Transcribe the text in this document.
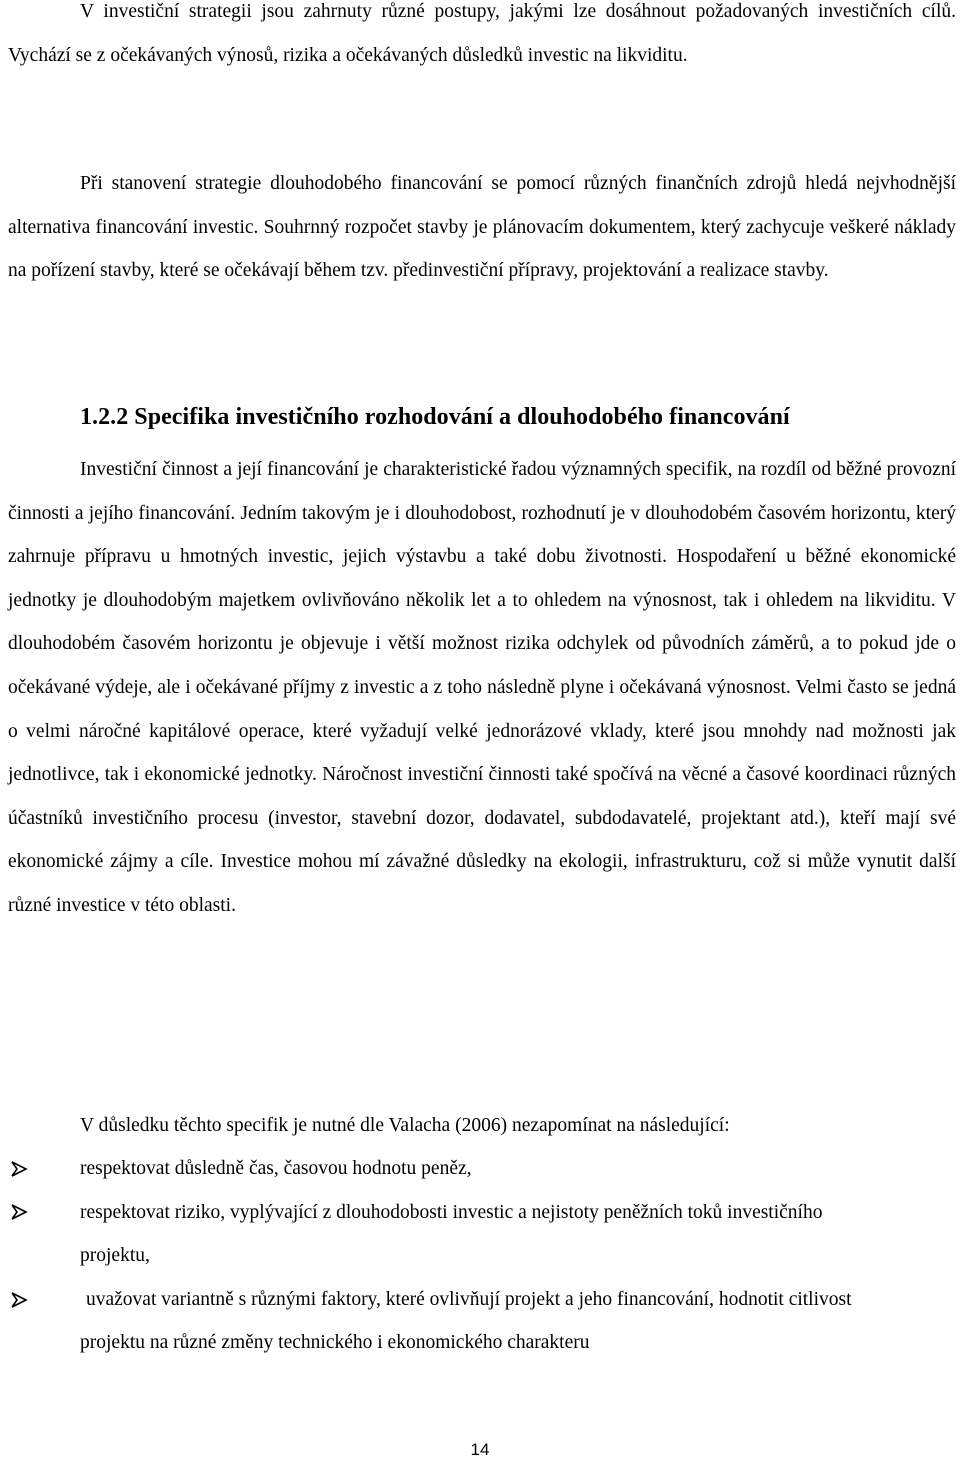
V investiční strategii jsou zahrnuty různé postupy, jakými lze dosáhnout požadovaných investičních cílů. Vychází se z očekávaných výnosů, rizika a očekávaných důsledků investic na likviditu.

Při stanovení strategie dlouhodobého financování se pomocí různých finančních zdrojů hledá nejvhodnější alternativa financování investic. Souhrnný rozpočet stavby je plánovacím dokumentem, který zachycuje veškeré náklady na pořízení stavby, které se očekávají během tzv. předinvestiční přípravy, projektování a realizace stavby.

1.2.2 Specifika investičního rozhodování a dlouhodobého financování

Investiční činnost a její financování je charakteristické řadou významných specifik, na rozdíl od běžné provozní činnosti a jejího financování. Jedním takovým je i dlouhodobost, rozhodnutí je v dlouhodobém časovém horizontu, který zahrnuje přípravu u hmotných investic, jejich výstavbu a také dobu životnosti. Hospodaření u běžné ekonomické jednotky je dlouhodobým majetkem ovlivňováno několik let a to ohledem na výnosnost, tak i ohledem na likviditu. V dlouhodobém časovém horizontu je objevuje i větší možnost rizika odchylek od původních záměrů, a to pokud jde o očekávané výdeje, ale i očekávané příjmy z investic a z toho následně plyne i očekávaná výnosnost. Velmi často se jedná o velmi náročné kapitálové operace, které vyžadují velké jednorázové vklady, které jsou mnohdy nad možnosti jak jednotlivce, tak i ekonomické jednotky. Náročnost investiční činnosti také spočívá na věcné a časové koordinaci různých účastníků investičního procesu (investor, stavební dozor, dodavatel, subdodavatelé, projektant atd.), kteří mají své ekonomické zájmy a cíle. Investice mohou mí závažné důsledky na ekologii, infrastrukturu, což si může vynutit další různé investice v této oblasti.

V důsledku těchto specifik je nutné dle Valacha (2006) nezapomínat na následující:

respektovat důsledně čas, časovou hodnotu peněz,
respektovat riziko, vyplývající z dlouhodobosti investic a nejistoty peněžních toků investičního projektu,
uvažovat variantně s různými faktory, které ovlivňují projekt a jeho financování, hodnotit citlivost projektu na různé změny technického i ekonomického charakteru
14
